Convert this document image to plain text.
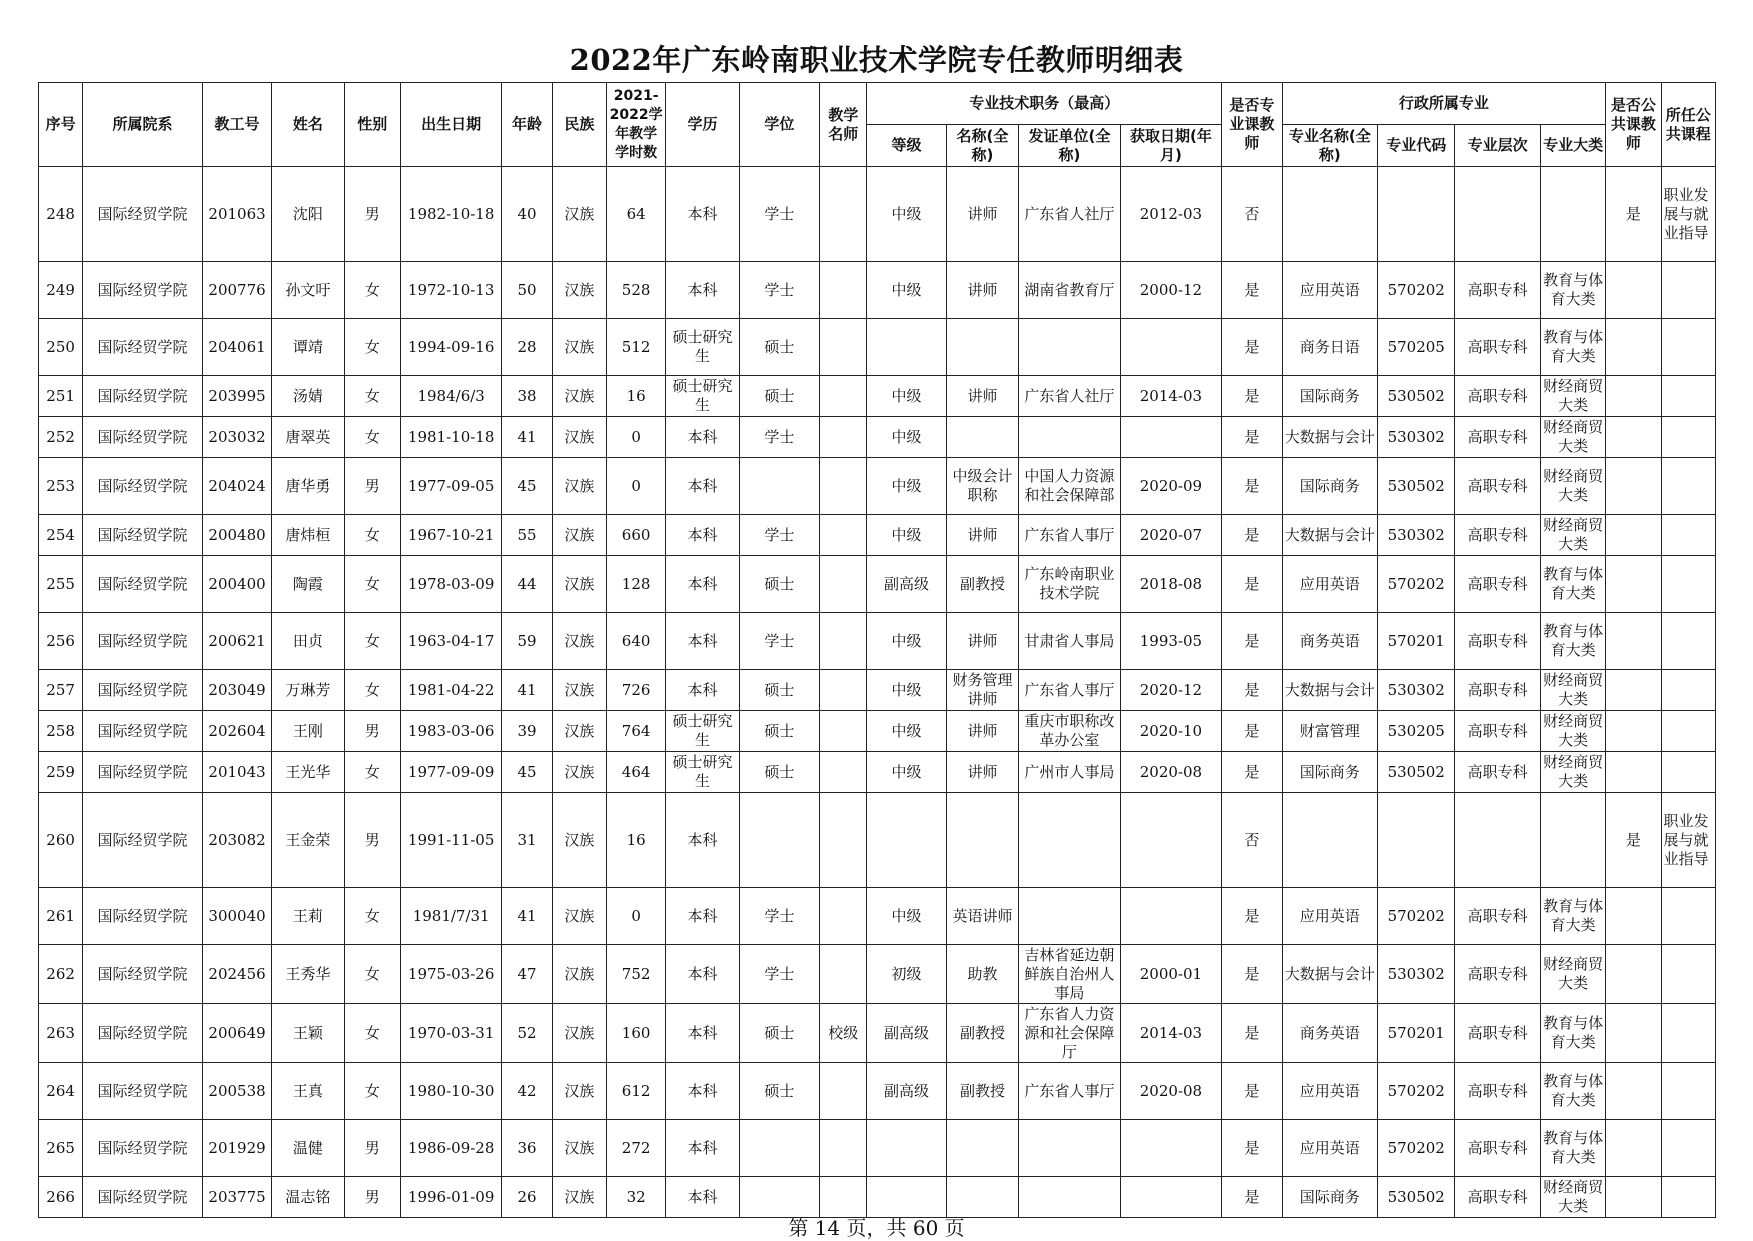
2022年广东岭南职业技术学院专任教师明细表
序号	所属院系	教工号	姓名	性别	出生日期	年龄	民族	2021-2022学年教学学时数	学历	学位	教学名师	专业技术职务（最高）				是否专业课教师	行政所属专业				是否公共课教师	所任公共课程
												等级	名称(全称)	发证单位(全称)	获取日期(年月)		专业名称(全称)	专业代码	专业层次	专业大类		
248	国际经贸学院	201063	沈阳	男	1982-10-18	40	汉族	64	本科	学士		中级	讲师	广东省人社厅	2012-03	否					是	职业发展与就业指导

249	国际经贸学院	200776	孙文吁	女	1972-10-13	50	汉族	528	本科	学士		中级	讲师	湖南省教育厅	2000-12	是	应用英语	570202	高职专科	教育与体育大类		

250	国际经贸学院	204061	谭靖	女	1994-09-16	28	汉族	512	硕士研究生	硕士						是	商务日语	570205	高职专科	教育与体育大类		

251	国际经贸学院	203995	汤婧	女	1984/6/3	38	汉族	16	硕士研究生	硕士		中级	讲师	广东省人社厅	2014-03	是	国际商务	530502	高职专科	财经商贸大类		

252	国际经贸学院	203032	唐翠英	女	1981-10-18	41	汉族	0	本科	学士		中级				是	大数据与会计	530302	高职专科	财经商贸大类		

253	国际经贸学院	204024	唐华勇	男	1977-09-05	45	汉族	0	本科			中级	中级会计职称	中国人力资源和社会保障部	2020-09	是	国际商务	530502	高职专科	财经商贸大类		

254	国际经贸学院	200480	唐炜桓	女	1967-10-21	55	汉族	660	本科	学士		中级	讲师	广东省人事厅	2020-07	是	大数据与会计	530302	高职专科	财经商贸大类		

255	国际经贸学院	200400	陶霞	女	1978-03-09	44	汉族	128	本科	硕士		副高级	副教授	广东岭南职业技术学院	2018-08	是	应用英语	570202	高职专科	教育与体育大类		

256	国际经贸学院	200621	田贞	女	1963-04-17	59	汉族	640	本科	学士		中级	讲师	甘肃省人事局	1993-05	是	商务英语	570201	高职专科	教育与体育大类		

257	国际经贸学院	203049	万琳芳	女	1981-04-22	41	汉族	726	本科	硕士		中级	财务管理讲师	广东省人事厅	2020-12	是	大数据与会计	530302	高职专科	财经商贸大类		

258	国际经贸学院	202604	王刚	男	1983-03-06	39	汉族	764	硕士研究生	硕士		中级	讲师	重庆市职称改革办公室	2020-10	是	财富管理	530205	高职专科	财经商贸大类		

259	国际经贸学院	201043	王光华	女	1977-09-09	45	汉族	464	硕士研究生	硕士		中级	讲师	广州市人事局	2020-08	是	国际商务	530502	高职专科	财经商贸大类		

260	国际经贸学院	203082	王金荣	男	1991-11-05	31	汉族	16	本科							否					是	职业发展与就业指导

261	国际经贸学院	300040	王莉	女	1981/7/31	41	汉族	0	本科	学士		中级	英语讲师			是	应用英语	570202	高职专科	教育与体育大类		

262	国际经贸学院	202456	王秀华	女	1975-03-26	47	汉族	752	本科	学士		初级	助教	吉林省延边朝鲜族自治州人事局	2000-01	是	大数据与会计	530302	高职专科	财经商贸大类		

263	国际经贸学院	200649	王颖	女	1970-03-31	52	汉族	160	本科	硕士	校级	副高级	副教授	广东省人力资源和社会保障厅	2014-03	是	商务英语	570201	高职专科	教育与体育大类		

264	国际经贸学院	200538	王真	女	1980-10-30	42	汉族	612	本科	硕士		副高级	副教授	广东省人事厅	2020-08	是	应用英语	570202	高职专科	教育与体育大类		

265	国际经贸学院	201929	温健	男	1986-09-28	36	汉族	272	本科							是	应用英语	570202	高职专科	教育与体育大类		

266	国际经贸学院	203775	温志铭	男	1996-01-09	26	汉族	32	本科							是	国际商务	530502	高职专科	财经商贸大类		

第 14 页，共 60 页
